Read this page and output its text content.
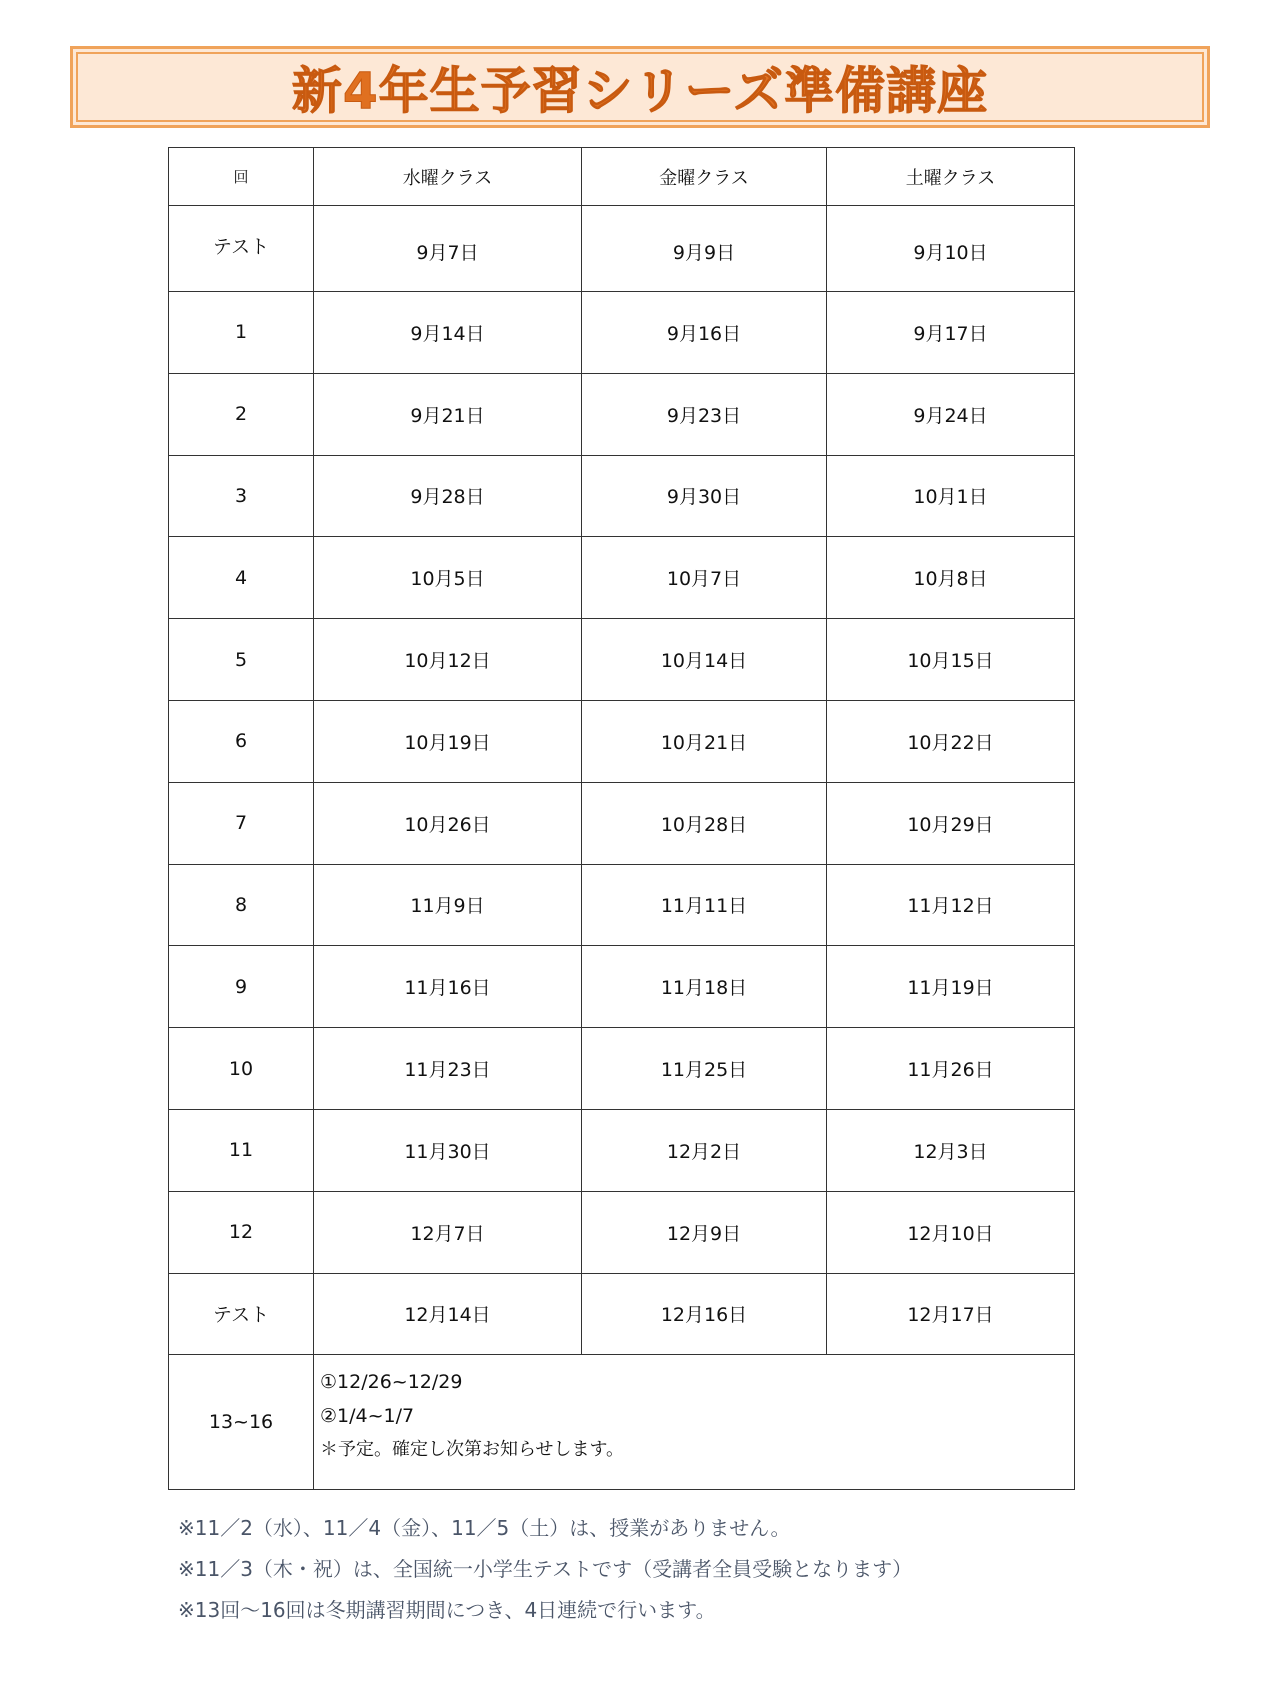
新4年生予習シリーズ準備講座
回	水曜クラス	金曜クラス	土曜クラス
テスト	9月7日	9月9日	9月10日
1	9月14日	9月16日	9月17日
2	9月21日	9月23日	9月24日
3	9月28日	9月30日	10月1日
4	10月5日	10月7日	10月8日
5	10月12日	10月14日	10月15日
6	10月19日	10月21日	10月22日
7	10月26日	10月28日	10月29日
8	11月9日	11月11日	11月12日
9	11月16日	11月18日	11月19日
10	11月23日	11月25日	11月26日
11	11月30日	12月2日	12月3日
12	12月7日	12月9日	12月10日
テスト	12月14日	12月16日	12月17日
13~16	①12/26~12/29
②1/4~1/7
＊予定。確定し次第お知らせします。		
※11／2（水）、11／4（金）、11／5（土）は、授業がありません。
※11／3（木・祝）は、全国統一小学生テストです（受講者全員受験となります）
※13回～16回は冬期講習期間につき、4日連続で行います。
